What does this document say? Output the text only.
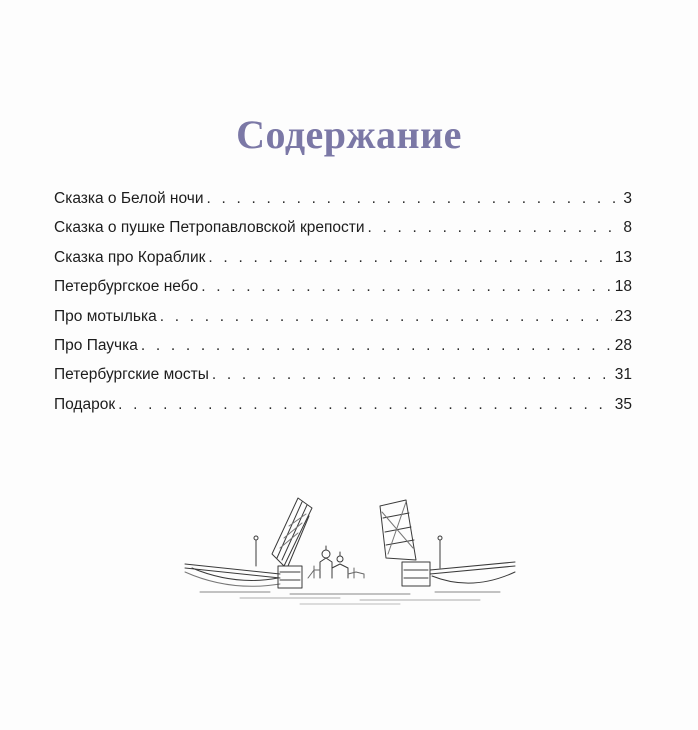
Содержание
Сказка о Белой ночи . . .	3
Сказка о пушке Петропавловской крепости . . .	8
Сказка про Кораблик . . .	13
Петербургское небо . . .	18
Про мотылька . . .	23
Про Паучка . . .	28
Петербургские мосты . . .	31
Подарок . . .	35
